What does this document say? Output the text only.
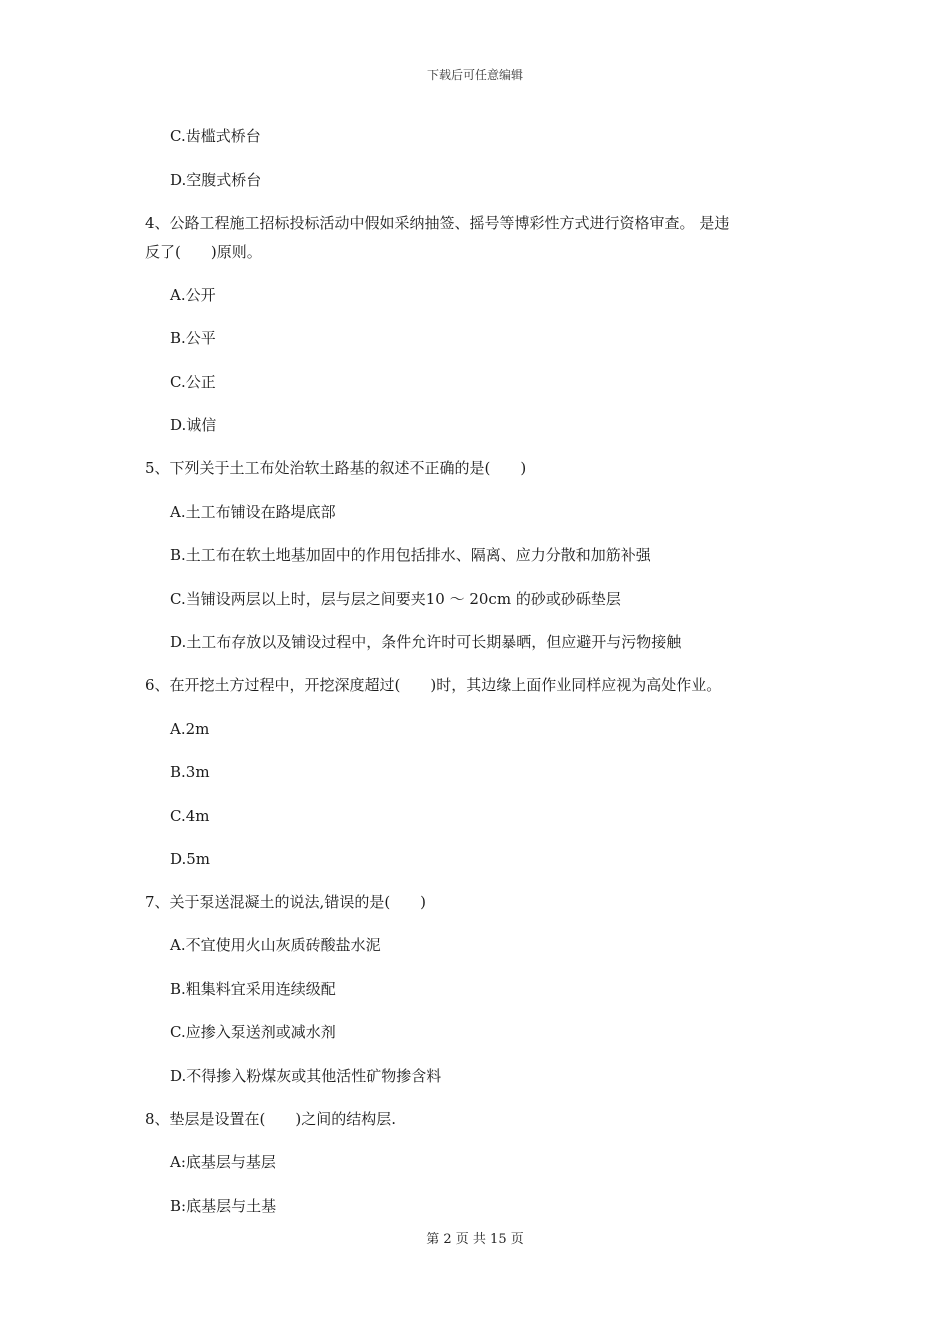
下载后可任意编辑
C.齿槛式桥台
D.空腹式桥台
4、公路工程施工招标投标活动中假如采纳抽签、摇号等博彩性方式进行资格审查。 是违
反了(　　)原则。
A.公开
B.公平
C.公正
D.诚信
5、下列关于土工布处治软土路基的叙述不正确的是(　　)
A.土工布铺设在路堤底部
B.土工布在软土地基加固中的作用包括排水、隔离、应力分散和加筋补强
C.当铺设两层以上时，层与层之间要夹10 ～ 20cm 的砂或砂砾垫层
D.土工布存放以及铺设过程中，条件允许时可长期暴晒，但应避开与污物接触
6、在开挖土方过程中，开挖深度超过(　　)时，其边缘上面作业同样应视为高处作业。
A.2m
B.3m
C.4m
D.5m
7、关于泵送混凝土的说法,错误的是(　　)
A.不宜使用火山灰质砖酸盐水泥
B.粗集料宜采用连续级配
C.应掺入泵送剂或减水剂
D.不得掺入粉煤灰或其他活性矿物掺含料
8、垫层是设置在(　　)之间的结构层.
A:底基层与基层
B:底基层与土基
第 2 页 共 15 页
